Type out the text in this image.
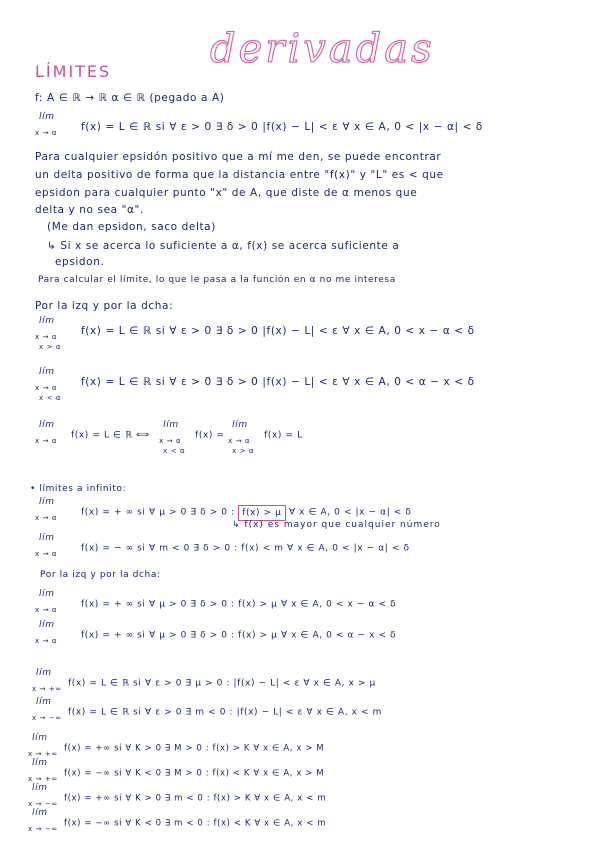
derivadas
LÍMITES
f: A ∈ ℝ → ℝ α ∈ ℝ (pegado a A)
lím
x → α f(x) = L ∈ ℝ si ∀ ε > 0 ∃ δ > 0 |f(x) − L| < ε ∀ x ∈ A, 0 < |x − α| < δ
Para cualquier epsidón positivo que a mí me den, se puede encontrar
un delta positivo de forma que la distancia entre "f(x)" y "L" es < que
epsidon para cualquier punto "x" de A, que diste de α menos que
delta y no sea "α".
(Me dan epsidon, saco delta)
↳ Si x se acerca lo suficiente a α, f(x) se acerca suficiente a
epsidon.
Para calcular el límite, lo que le pasa a la función en α no me interesa
Por la izq y por la dcha:
lím
x → α
x > α
f(x) = L ∈ ℝ si ∀ ε > 0 ∃ δ > 0 |f(x) − L| < ε ∀ x ∈ A, 0 < x − α < δ
lím
x → α
x < α
f(x) = L ∈ ℝ si ∀ ε > 0 ∃ δ > 0 |f(x) − L| < ε ∀ x ∈ A, 0 < α − x < δ
lím
x → α
f(x) = L ∈ ℝ ⟺
lím
x → α
x < α
f(x) =
lím
x → α
x > α
f(x) = L
• límites a infinito:
lím
x → α
f(x) = + ∞ si ∀ μ > 0 ∃ δ > 0 : f(x) > μ ∀ x ∈ A, 0 < |x − α| < δ
↳ f(x) es mayor que cualquier número
lím
x → α
f(x) = − ∞ si ∀ m < 0 ∃ δ > 0 : f(x) < m ∀ x ∈ A, 0 < |x − α| < δ
Por la izq y por la dcha:
lím
x → α
f(x) = + ∞ si ∀ μ > 0 ∃ δ > 0 : f(x) > μ ∀ x ∈ A, 0 < x − α < δ
lím
x → α
f(x) = + ∞ si ∀ μ > 0 ∃ δ > 0 : f(x) > μ ∀ x ∈ A, 0 < α − x < δ
lím
x → +∞
f(x) = L ∈ ℝ si ∀ ε > 0 ∃ μ > 0 : |f(x) − L| < ε ∀ x ∈ A, x > μ
lím
x → −∞
f(x) = L ∈ ℝ si ∀ ε > 0 ∃ m < 0 : |f(x) − L| < ε ∀ x ∈ A, x < m
lím
x → +∞
f(x) = +∞ si ∀ K > 0 ∃ M > 0 : f(x) > K ∀ x ∈ A, x > M
lím
x → +∞
f(x) = −∞ si ∀ K < 0 ∃ M > 0 : f(x) < K ∀ x ∈ A, x > M
lím
x → −∞
f(x) = +∞ si ∀ K > 0 ∃ m < 0 : f(x) > K ∀ x ∈ A, x < m
lím
x → −∞
f(x) = −∞ si ∀ K < 0 ∃ m < 0 : f(x) < K ∀ x ∈ A, x < m
